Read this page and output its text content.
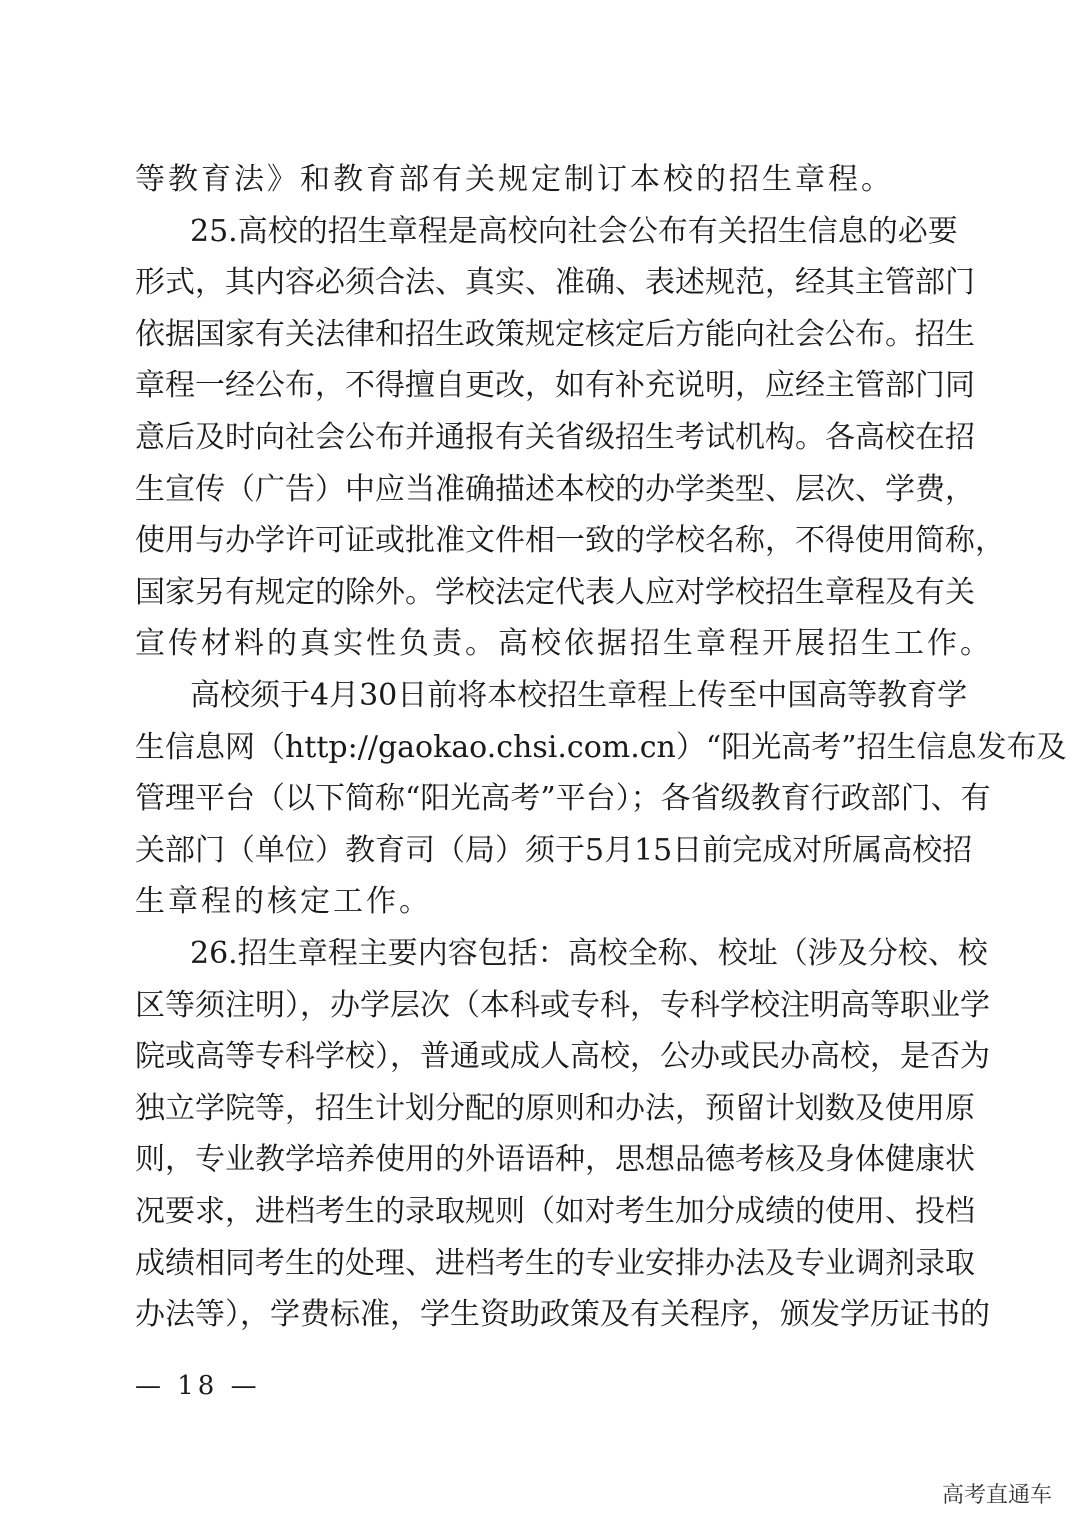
等教育法》和教育部有关规定制订本校的招生章程。
25.高校的招生章程是高校向社会公布有关招生信息的必要
形式，其内容必须合法、真实、准确、表述规范，经其主管部门
依据国家有关法律和招生政策规定核定后方能向社会公布。招生
章程一经公布，不得擅自更改，如有补充说明，应经主管部门同
意后及时向社会公布并通报有关省级招生考试机构。各高校在招
生宣传（广告）中应当准确描述本校的办学类型、层次、学费，
使用与办学许可证或批准文件相一致的学校名称，不得使用简称，
国家另有规定的除外。学校法定代表人应对学校招生章程及有关
宣传材料的真实性负责。高校依据招生章程开展招生工作。
高校须于4月30日前将本校招生章程上传至中国高等教育学
生信息网（http://gaokao.chsi.com.cn）“阳光高考”招生信息发布及
管理平台（以下简称“阳光高考”平台）；各省级教育行政部门、有
关部门（单位）教育司（局）须于5月15日前完成对所属高校招
生章程的核定工作。
26.招生章程主要内容包括：高校全称、校址（涉及分校、校
区等须注明），办学层次（本科或专科，专科学校注明高等职业学
院或高等专科学校），普通或成人高校，公办或民办高校，是否为
独立学院等，招生计划分配的原则和办法，预留计划数及使用原
则，专业教学培养使用的外语语种，思想品德考核及身体健康状
况要求，进档考生的录取规则（如对考生加分成绩的使用、投档
成绩相同考生的处理、进档考生的专业安排办法及专业调剂录取
办法等），学费标准，学生资助政策及有关程序，颁发学历证书的
— 18 —
高考直通车
